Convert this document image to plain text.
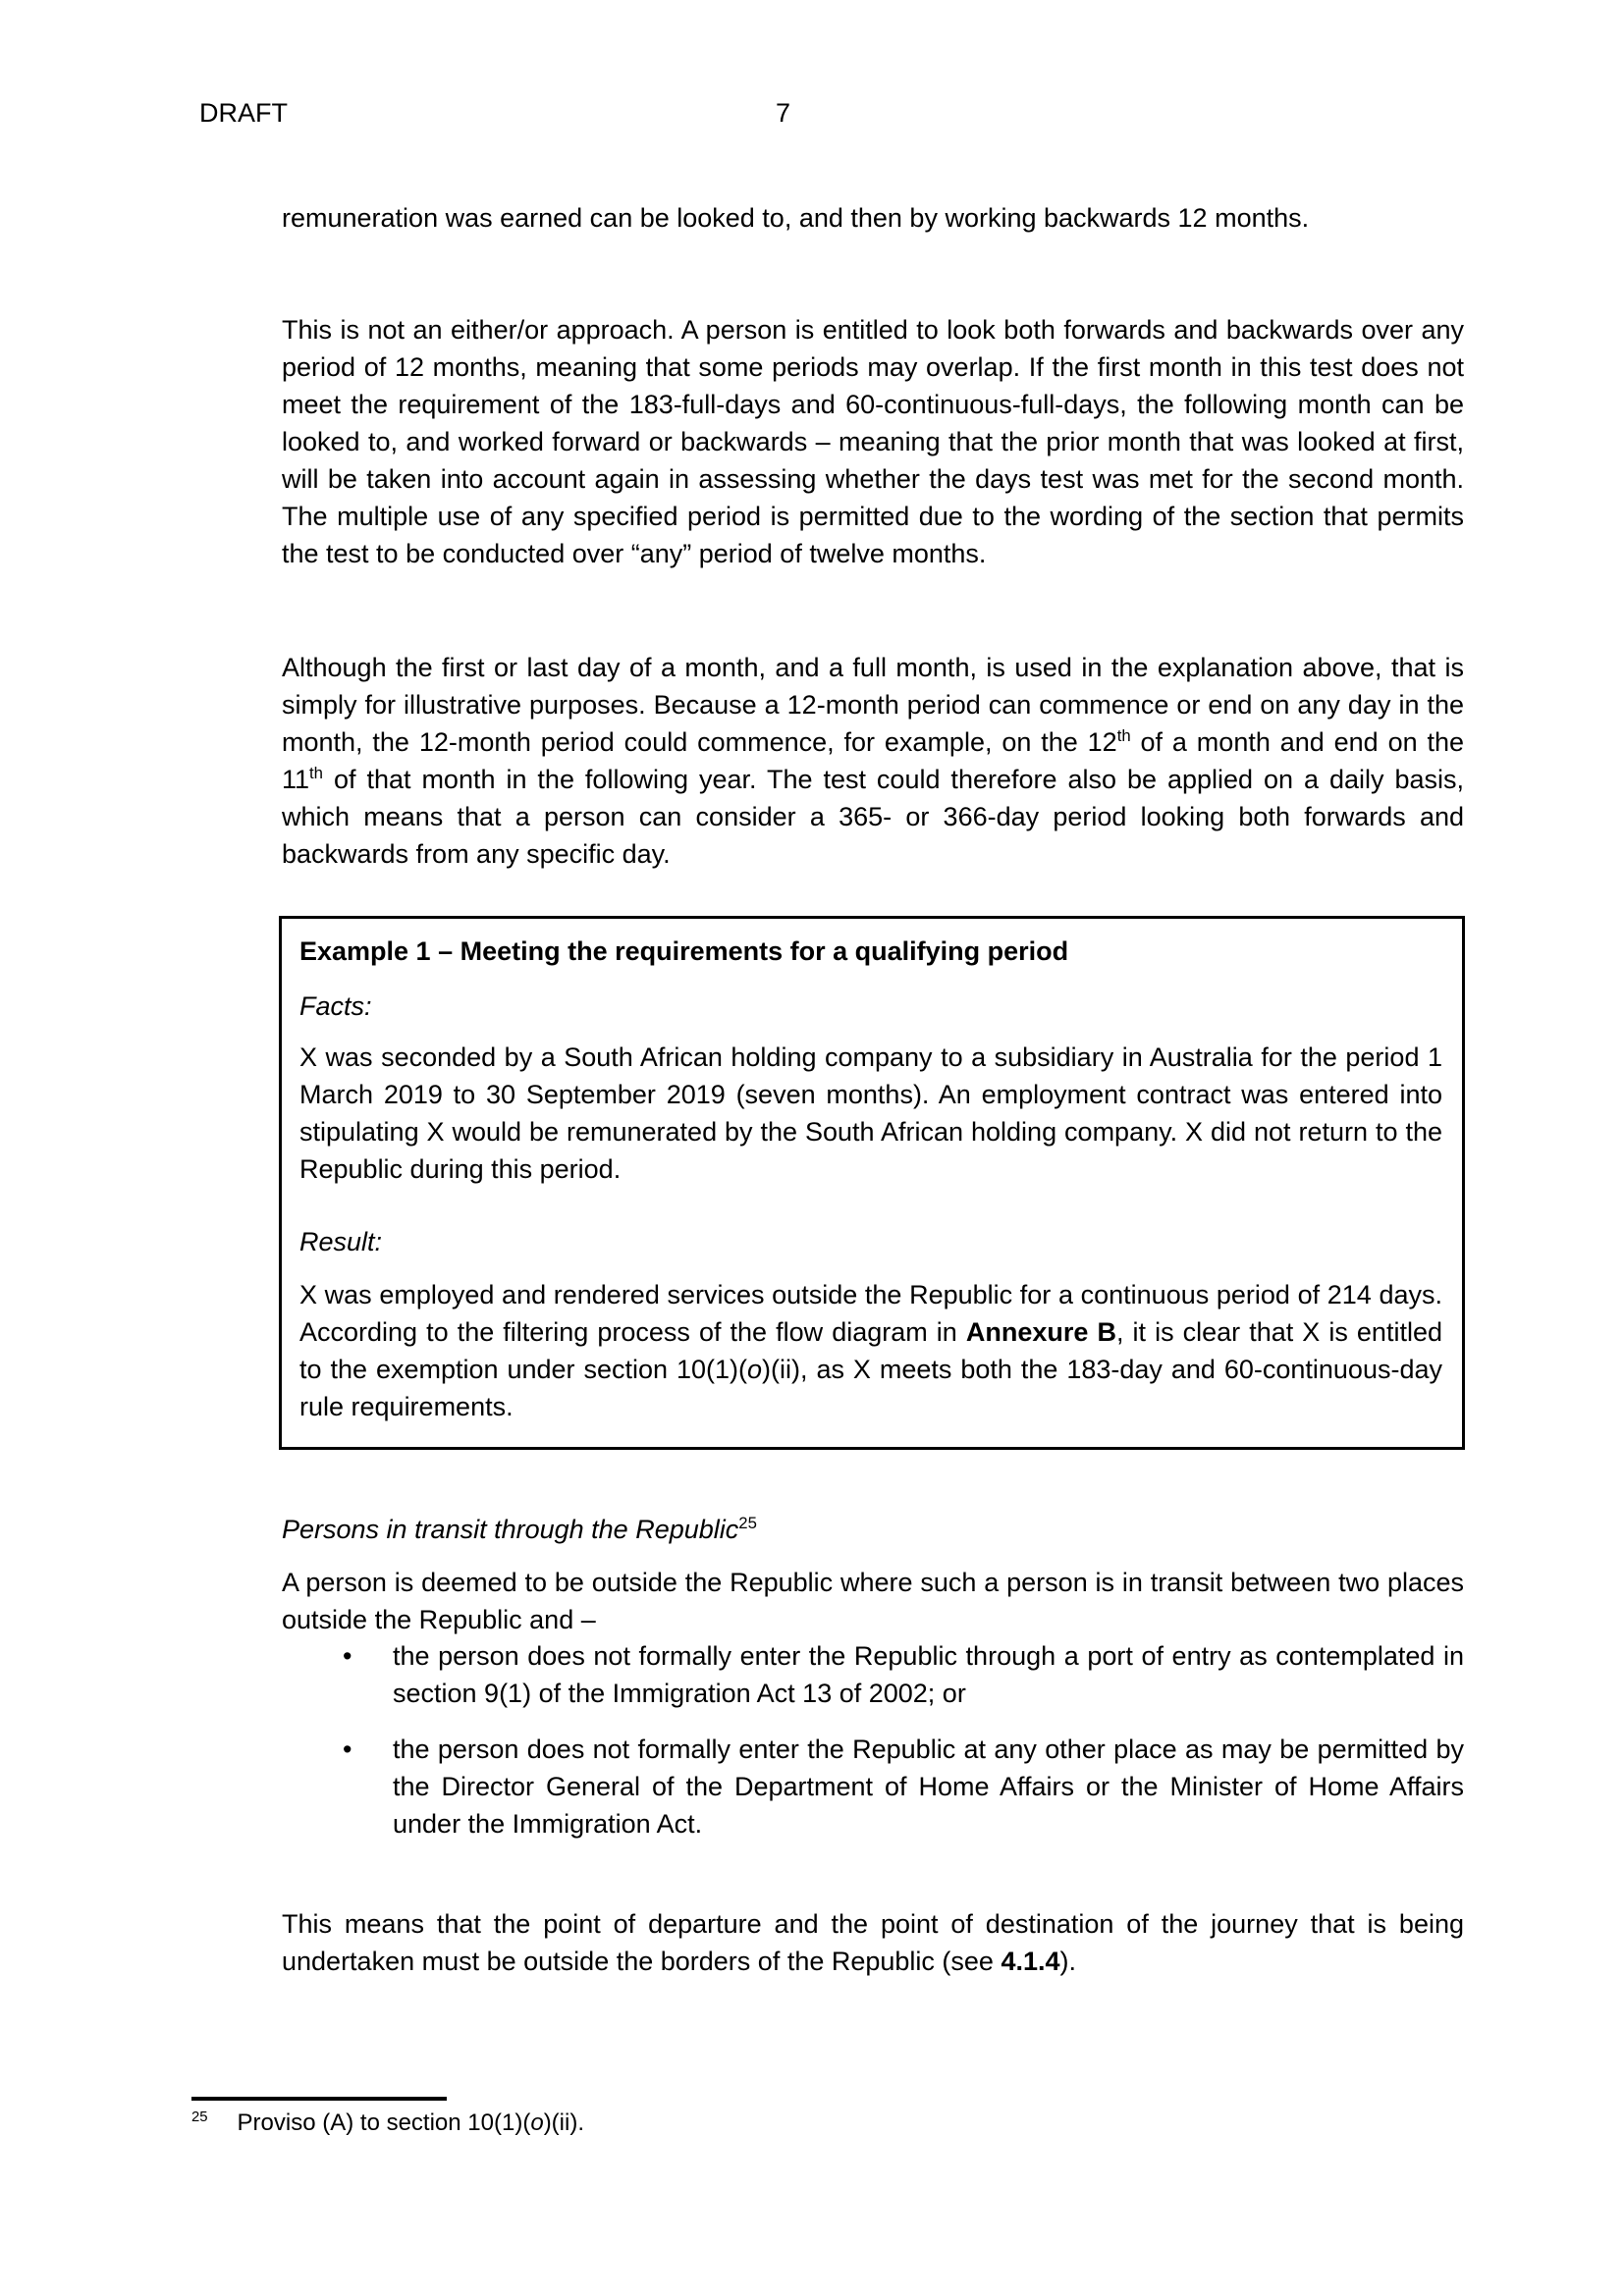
DRAFT	7

remuneration was earned can be looked to, and then by working backwards 12 months.

This is not an either/or approach. A person is entitled to look both forwards and backwards over any period of 12 months, meaning that some periods may overlap. If the first month in this test does not meet the requirement of the 183-full-days and 60-continuous-full-days, the following month can be looked to, and worked forward or backwards – meaning that the prior month that was looked at first, will be taken into account again in assessing whether the days test was met for the second month. The multiple use of any specified period is permitted due to the wording of the section that permits the test to be conducted over “any” period of twelve months.

Although the first or last day of a month, and a full month, is used in the explanation above, that is simply for illustrative purposes. Because a 12-month period can commence or end on any day in the month, the 12-month period could commence, for example, on the 12th of a month and end on the 11th of that month in the following year. The test could therefore also be applied on a daily basis, which means that a person can consider a 365- or 366-day period looking both forwards and backwards from any specific day.

Example 1 – Meeting the requirements for a qualifying period

Facts:

X was seconded by a South African holding company to a subsidiary in Australia for the period 1 March 2019 to 30 September 2019 (seven months). An employment contract was entered into stipulating X would be remunerated by the South African holding company. X did not return to the Republic during this period.

Result:

X was employed and rendered services outside the Republic for a continuous period of 214 days. According to the filtering process of the flow diagram in Annexure B, it is clear that X is entitled to the exemption under section 10(1)(o)(ii), as X meets both the 183-day and 60-continuous-day rule requirements.

Persons in transit through the Republic$^{25}$

A person is deemed to be outside the Republic where such a person is in transit between two places outside the Republic and –

• the person does not formally enter the Republic through a port of entry as contemplated in section 9(1) of the Immigration Act 13 of 2002; or
• the person does not formally enter the Republic at any other place as may be permitted by the Director General of the Department of Home Affairs or the Minister of Home Affairs under the Immigration Act.

This means that the point of departure and the point of destination of the journey that is being undertaken must be outside the borders of the Republic (see 4.1.4).

$^{25}$ Proviso (A) to section 10(1)(o)(ii).
